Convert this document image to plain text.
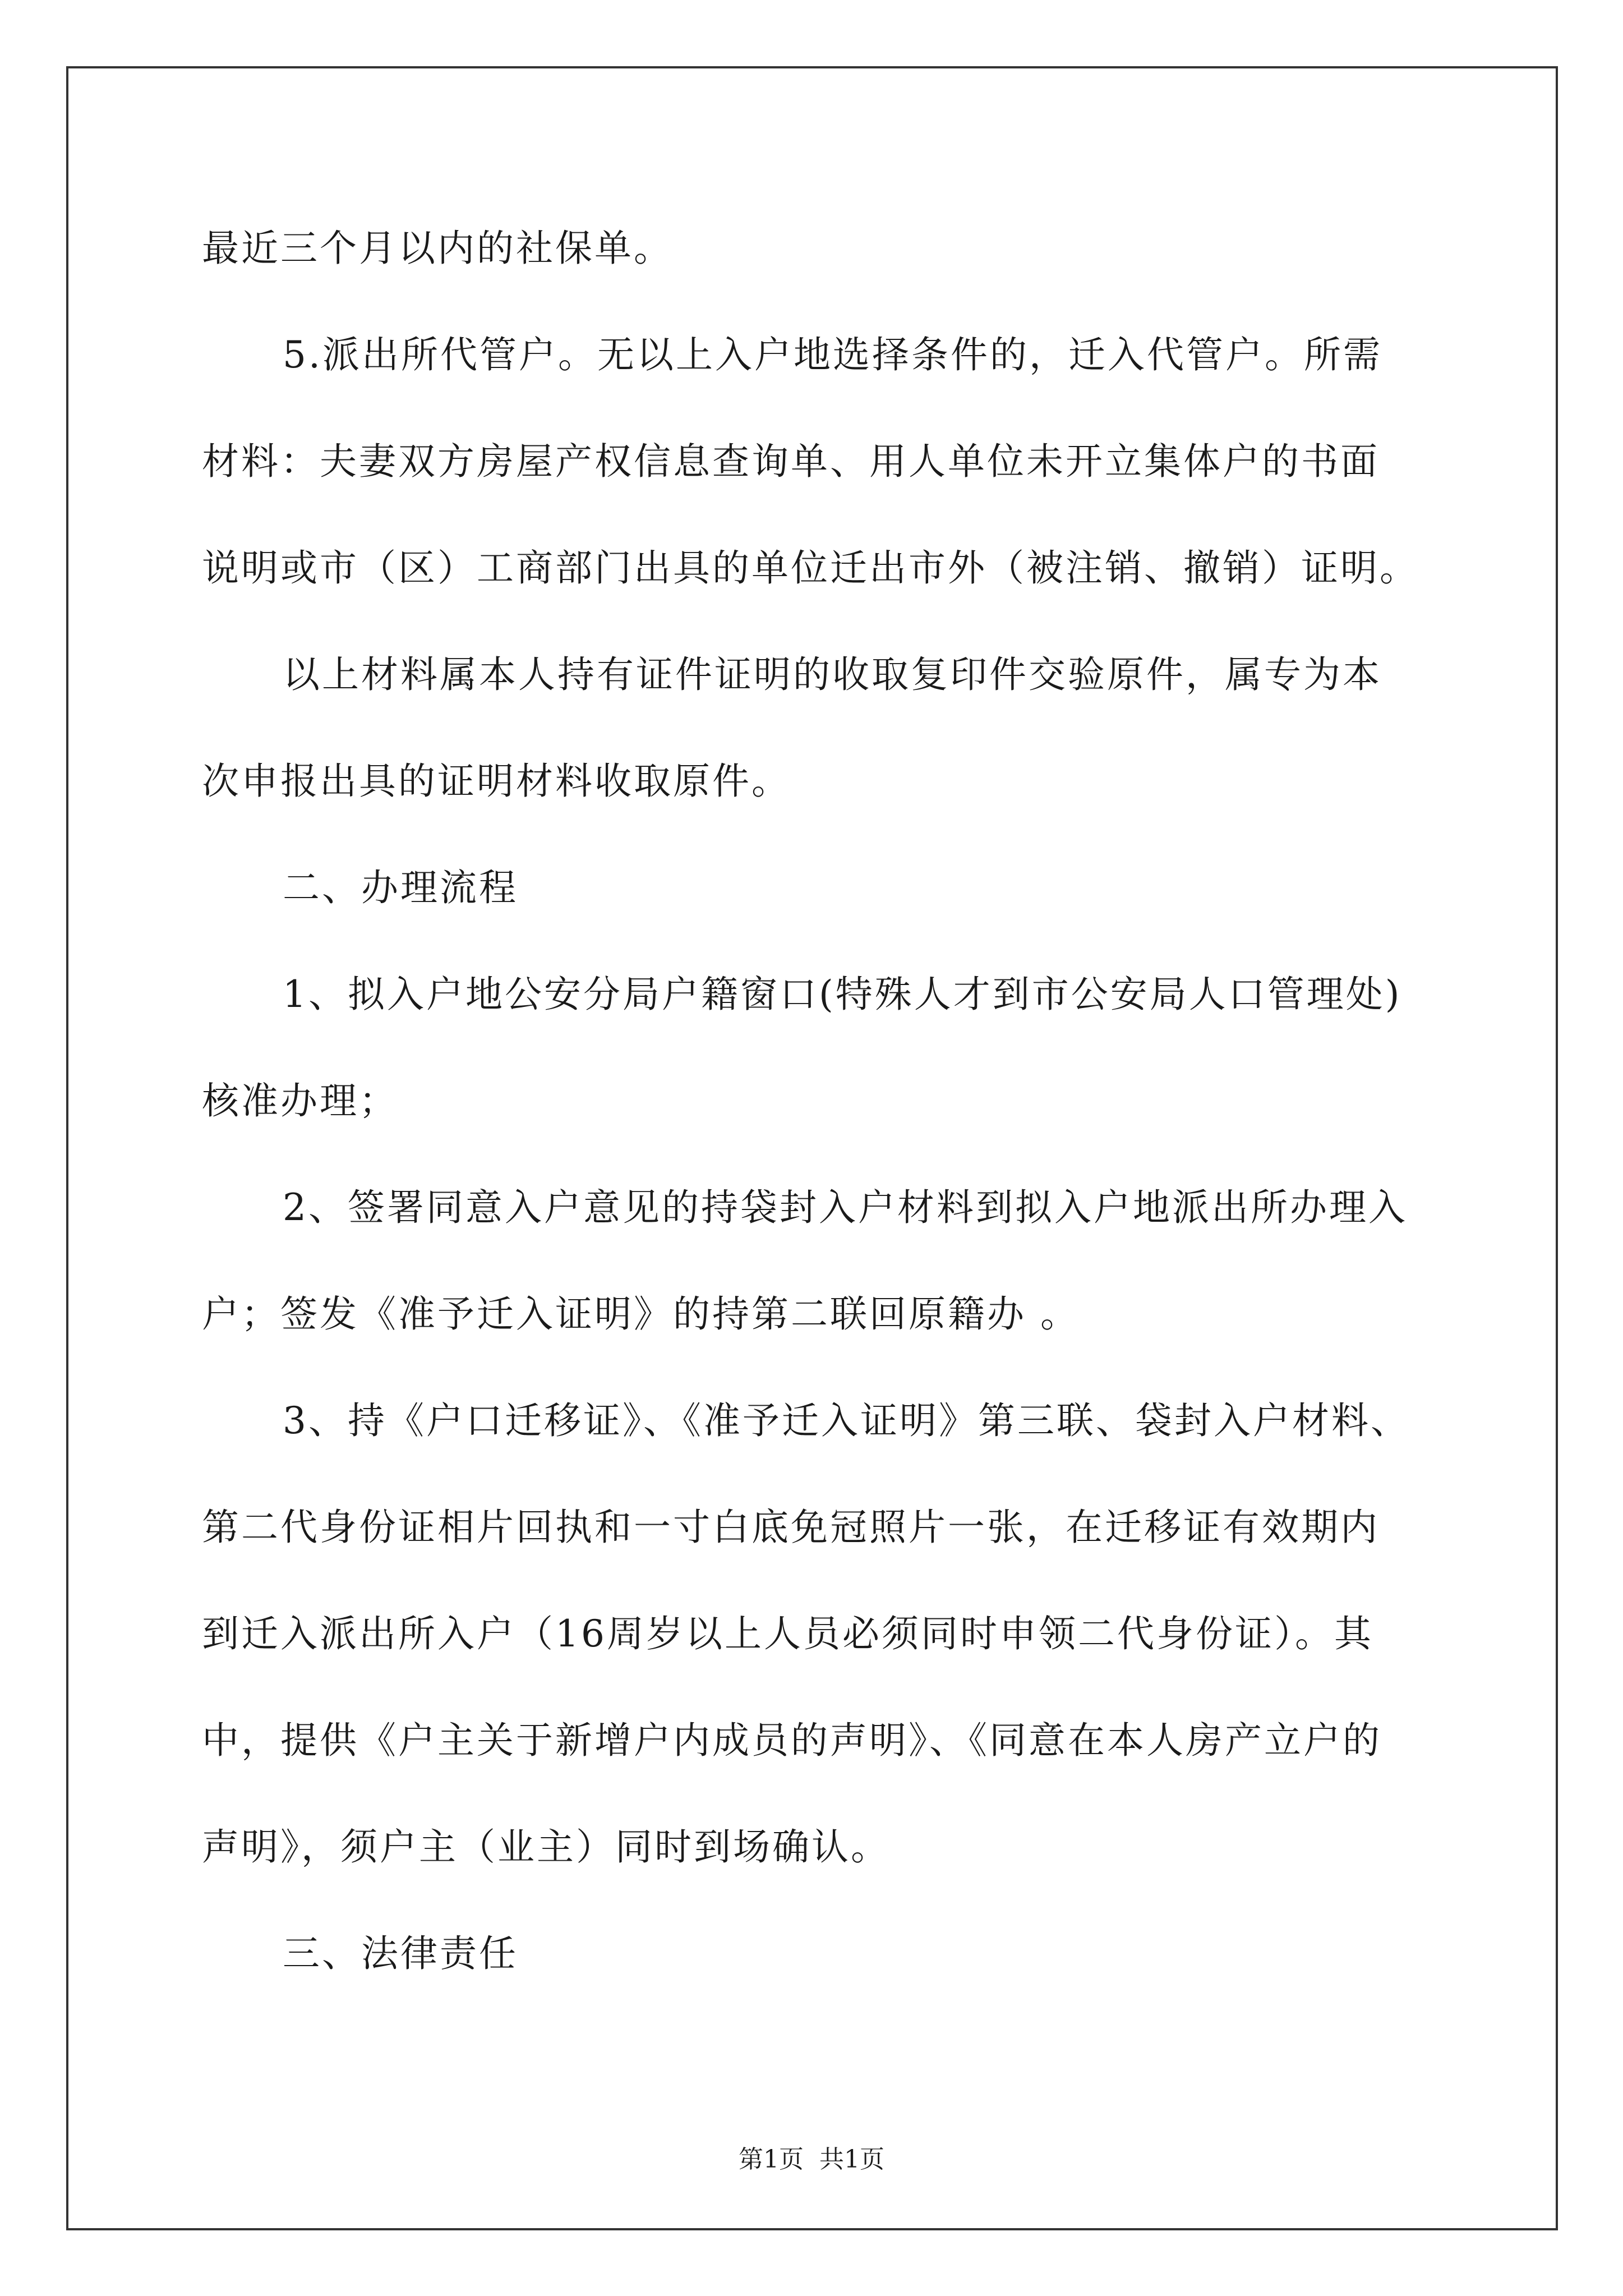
最近三个月以内的社保单。
5.派出所代管户。无以上入户地选择条件的，迁入代管户。所需
材料：夫妻双方房屋产权信息查询单、用人单位未开立集体户的书面
说明或市（区）工商部门出具的单位迁出市外（被注销、撤销）证明。
以上材料属本人持有证件证明的收取复印件交验原件，属专为本
次申报出具的证明材料收取原件。
二、办理流程
1、拟入户地公安分局户籍窗口(特殊人才到市公安局人口管理处)
核准办理；
2、签署同意入户意见的持袋封入户材料到拟入户地派出所办理入
户；签发《准予迁入证明》的持第二联回原籍办 。
3、持《户口迁移证》、《准予迁入证明》第三联、袋封入户材料、
第二代身份证相片回执和一寸白底免冠照片一张，在迁移证有效期内
到迁入派出所入户（16周岁以上人员必须同时申领二代身份证）。其
中，提供《户主关于新增户内成员的声明》、《同意在本人房产立户的
声明》，须户主（业主）同时到场确认。
三、法律责任
第1页  共1页
